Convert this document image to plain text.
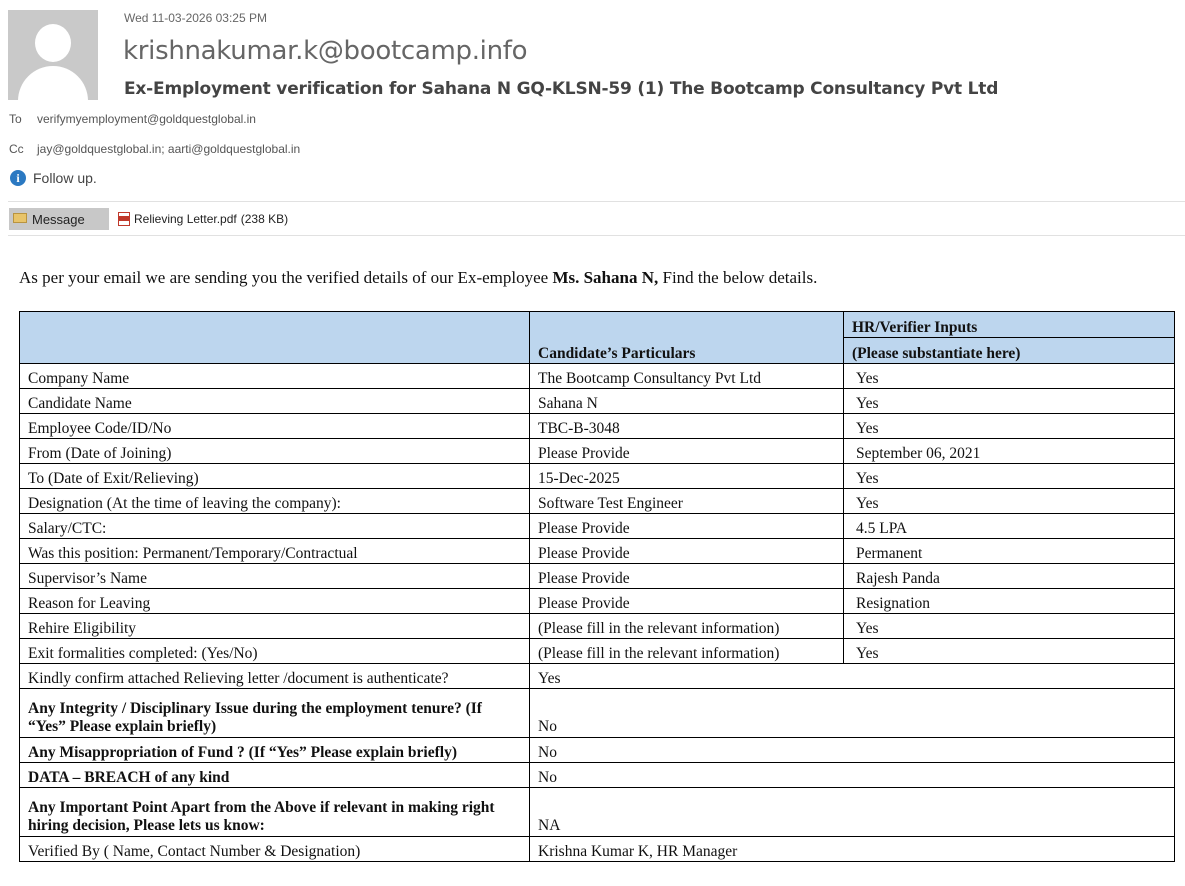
Wed 11-03-2026 03:25 PM
krishnakumar.k@bootcamp.info
Ex-Employment verification for Sahana N GQ-KLSN-59 (1) The Bootcamp Consultancy Pvt Ltd
To verifymyemployment@goldquestglobal.in
Cc jay@goldquestglobal.in; aarti@goldquestglobal.in
i Follow up.
Message	Relieving Letter.pdf (238 KB)
As per your email we are sending you the verified details of our Ex-employee Ms. Sahana N, Find the below details.
	Candidate’s Particulars	HR/Verifier Inputs
		(Please substantiate here)
Company Name	The Bootcamp Consultancy Pvt Ltd	Yes
Candidate Name	Sahana N	Yes
Employee Code/ID/No	TBC-B-3048	Yes
From (Date of Joining)	Please Provide	September 06, 2021
To (Date of Exit/Relieving)	15-Dec-2025	Yes
Designation (At the time of leaving the company):	Software Test Engineer	Yes
Salary/CTC:	Please Provide	4.5 LPA
Was this position: Permanent/Temporary/Contractual	Please Provide	Permanent
Supervisor’s Name	Please Provide	Rajesh Panda
Reason for Leaving	Please Provide	Resignation
Rehire Eligibility	(Please fill in the relevant information)	Yes
Exit formalities completed: (Yes/No)	(Please fill in the relevant information)	Yes
Kindly confirm attached Relieving letter /document is authenticate?	Yes	
Any Integrity / Disciplinary Issue during the employment tenure? (If “Yes” Please explain briefly)	No	
Any Misappropriation of Fund ? (If “Yes” Please explain briefly)	No	
DATA – BREACH of any kind	No	
Any Important Point Apart from the Above if relevant in making right hiring decision, Please lets us know:	NA	
Verified By ( Name, Contact Number & Designation)	Krishna Kumar K, HR Manager	
